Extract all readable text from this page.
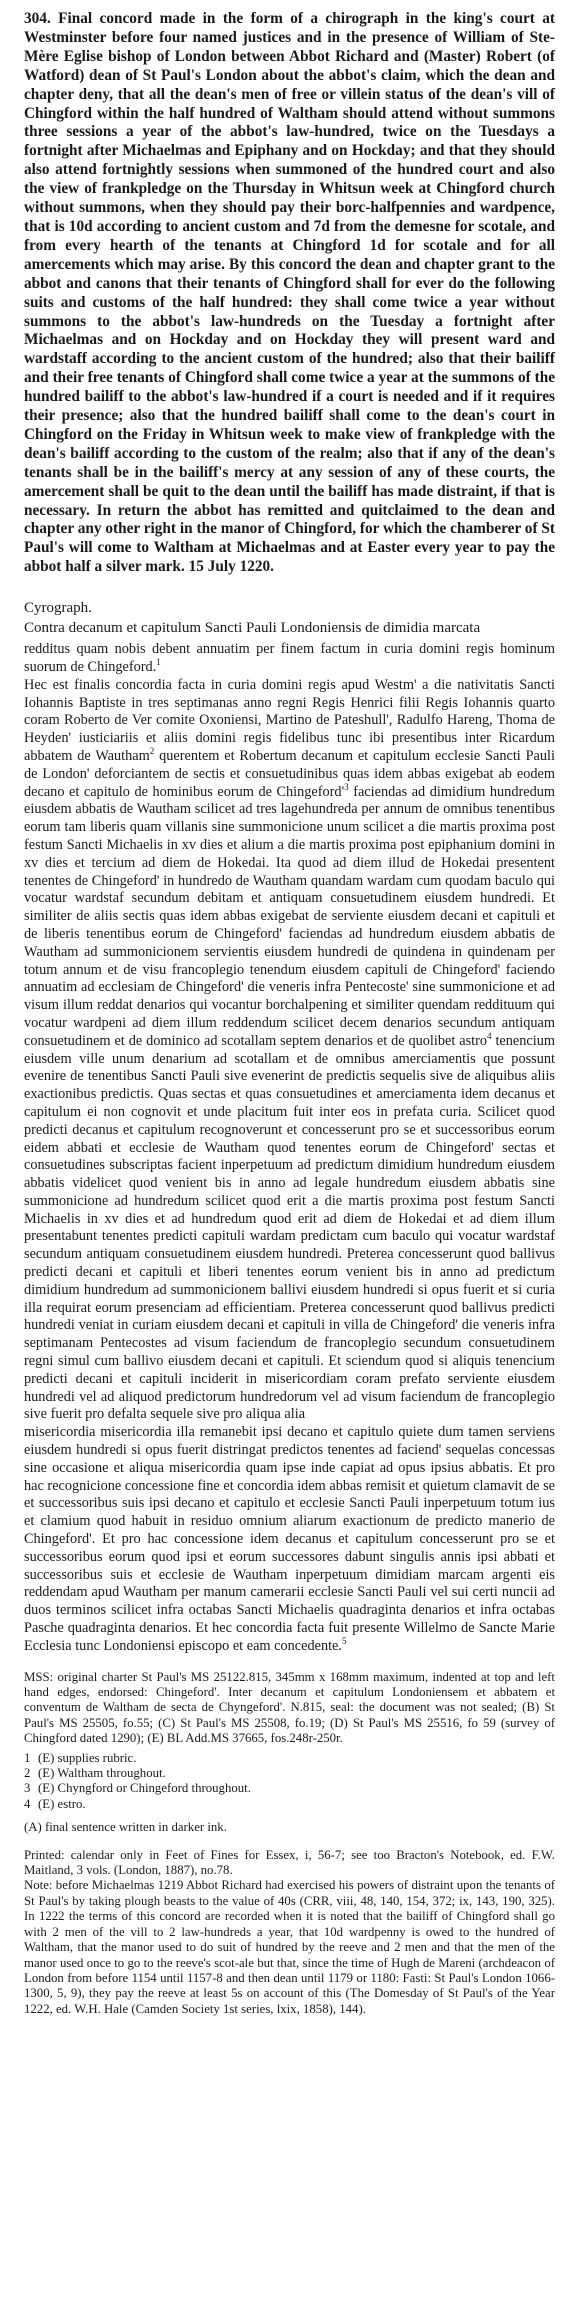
304. Final concord made in the form of a chirograph in the king's court at Westminster before four named justices and in the presence of William of Ste-Mère Eglise bishop of London between Abbot Richard and (Master) Robert (of Watford) dean of St Paul's London about the abbot's claim, which the dean and chapter deny, that all the dean's men of free or villein status of the dean's vill of Chingford within the half hundred of Waltham should attend without summons three sessions a year of the abbot's law-hundred, twice on the Tuesdays a fortnight after Michaelmas and Epiphany and on Hockday; and that they should also attend fortnightly sessions when summoned of the hundred court and also the view of frankpledge on the Thursday in Whitsun week at Chingford church without summons, when they should pay their borc-halfpennies and wardpence, that is 10d according to ancient custom and 7d from the demesne for scotale, and from every hearth of the tenants at Chingford 1d for scotale and for all amercements which may arise. By this concord the dean and chapter grant to the abbot and canons that their tenants of Chingford shall for ever do the following suits and customs of the half hundred: they shall come twice a year without summons to the abbot's law-hundreds on the Tuesday a fortnight after Michaelmas and on Hockday and on Hockday they will present ward and wardstaff according to the ancient custom of the hundred; also that their bailiff and their free tenants of Chingford shall come twice a year at the summons of the hundred bailiff to the abbot's law-hundred if a court is needed and if it requires their presence; also that the hundred bailiff shall come to the dean's court in Chingford on the Friday in Whitsun week to make view of frankpledge with the dean's bailiff according to the custom of the realm; also that if any of the dean's tenants shall be in the bailiff's mercy at any session of any of these courts, the amercement shall be quit to the dean until the bailiff has made distraint, if that is necessary. In return the abbot has remitted and quitclaimed to the dean and chapter any other right in the manor of Chingford, for which the chamberer of St Paul's will come to Waltham at Michaelmas and at Easter every year to pay the abbot half a silver mark. 15 July 1220.

Cyrograph.
Contra decanum et capitulum Sancti Pauli Londoniensis de dimidia marcata

redditus quam nobis debent annuatim per finem factum in curia domini regis hominum suorum de Chingeford.$^1$

Hec est finalis concordia facta in curia domini regis apud Westm' a die nativitatis Sancti Iohannis Baptiste in tres septimanas anno regni Regis Henrici filii Regis Iohannis quarto coram Roberto de Ver comite Oxoniensi, Martino de Pateshull', Radulfo Hareng, Thoma de Heyden' iusticiariis et aliis domini regis fidelibus tunc ibi presentibus inter Ricardum abbatem de Wautham$^2$ querentem et Robertum decanum et capitulum ecclesie Sancti Pauli de London' deforciantem de sectis et consuetudinibus quas idem abbas exigebat ab eodem decano et capitulo de hominibus eorum de $Chingeford'^3$ faciendas ad dimidium hundredum eiusdem abbatis de Wautham scilicet ad tres lagehundreda per annum de omnibus tenentibus eorum tam liberis quam villanis sine summonicione unum scilicet a die martis proxima post festum Sancti Michaelis in xv dies et alium a die martis proxima post epiphanium domini in xv dies et tercium ad diem de Hokedai. Ita quod ad diem illud de Hokedai presentent tenentes de Chingeford' in hundredo de Wautham quandam wardam cum quodam baculo qui vocatur wardstaf secundum debitam et antiquam consuetudinem eiusdem hundredi. Et similiter de aliis sectis quas idem abbas exigebat de serviente eiusdem decani et capituli et de liberis tenentibus eorum de Chingeford' faciendas ad hundredum eiusdem abbatis de Wautham ad summonicionem servientis eiusdem hundredi de quindena in quindenam per totum annum et de visu francoplegio tenendum eiusdem capituli de Chingeford' faciendo annuatim ad ecclesiam de Chingeford' die veneris infra Pentecoste' sine summonicione et ad visum illum reddat denarios qui vocantur borchalpening et similiter quendam reddituum qui vocatur wardpeni ad diem illum reddendum scilicet decem denarios secundum antiquam consuetudinem et de dominico ad scotallam septem denarios et de quolibet astro$^4$ tenencium eiusdem ville unum denarium ad scotallam et de omnibus amerciamentis que possunt evenire de tenentibus Sancti Pauli sive evenerint de predictis sequelis sive de aliquibus aliis exactionibus predictis. Quas sectas et quas consuetudines et amerciamenta idem decanus et capitulum ei non cognovit et unde placitum fuit inter eos in prefata curia. Scilicet quod predicti decanus et capitulum recognoverunt et concesserunt pro se et successoribus eorum eidem abbati et ecclesie de Wautham quod tenentes eorum de Chingeford' sectas et consuetudines subscriptas facient inperpetuum ad predictum dimidium hundredum eiusdem abbatis videlicet quod venient bis in anno ad legale hundredum eiusdem abbatis sine summonicione ad hundredum scilicet quod erit a die martis proxima post festum Sancti Michaelis in xv dies et ad hundredum quod erit ad diem de Hokedai et ad diem illum presentabunt tenentes predicti capituli wardam predictam cum baculo qui vocatur wardstaf secundum antiquam consuetudinem eiusdem hundredi. Preterea concesserunt quod ballivus predicti decani et capituli et liberi tenentes eorum venient bis in anno ad predictum dimidium hundredum ad summonicionem ballivi eiusdem hundredi si opus fuerit et si curia illa requirat eorum presenciam ad efficientiam. Preterea concesserunt quod ballivus predicti hundredi veniat in curiam eiusdem decani et capituli in villa de Chingeford' die veneris infra septimanam Pentecostes ad visum faciendum de francoplegio secundum consuetudinem regni simul cum ballivo eiusdem decani et capituli. Et sciendum quod si aliquis tenencium predicti decani et capituli inciderit in misericordiam coram prefato serviente eiusdem hundredi vel ad aliquod predictorum hundredorum vel ad visum faciendum de francoplegio sive fuerit pro defalta sequele sive pro aliqua alia

misericordia misericordia illa remanebit ipsi decano et capitulo quiete dum tamen serviens eiusdem hundredi si opus fuerit distringat predictos tenentes ad faciend' sequelas concessas sine occasione et aliqua misericordia quam ipse inde capiat ad opus ipsius abbatis. Et pro hac recognicione concessione fine et concordia idem abbas remisit et quietum clamavit de se et successoribus suis ipsi decano et capitulo et ecclesie Sancti Pauli inperpetuum totum ius et clamium quod habuit in residuo omnium aliarum exactionum de predicto manerio de Chingeford'. Et pro hac concessione idem decanus et capitulum concesserunt pro se et successoribus eorum quod ipsi et eorum successores dabunt singulis annis ipsi abbati et successoribus suis et ecclesie de Wautham inperpetuum dimidiam marcam argenti eis reddendam apud Wautham per manum camerarii ecclesie Sancti Pauli vel sui certi nuncii ad duos terminos scilicet infra octabas Sancti Michaelis quadraginta denarios et infra octabas Pasche quadraginta denarios. Et hec concordia facta fuit presente Willelmo de Sancte Marie Ecclesia tunc Londoniensi episcopo et eam concedente.$^5$

MSS: original charter St Paul's MS 25122.815, 345mm x 168mm maximum, indented at top and left hand edges, endorsed: Chingeford'. Inter decanum et capitulum Londoniensem et abbatem et conventum de Waltham de secta de Chyngeford'. N.815, seal: the document was not sealed; (B) St Paul's MS 25505, fo.55; (C) St Paul's MS 25508, fo.19; (D) St Paul's MS 25516, fo 59 (survey of Chingford dated 1290); (E) BL Add.MS 37665, fos.248r-250r.

1 (E) supplies rubric.
2 (E) Waltham throughout.
3 (E) Chyngford or Chingeford throughout.
4 (E) estro.

(A) final sentence written in darker ink.

Printed: calendar only in Feet of Fines for Essex, i, 56-7; see too Bracton's Notebook, ed. F.W. Maitland, 3 vols. (London, 1887), no.78.

Note: before Michaelmas 1219 Abbot Richard had exercised his powers of distraint upon the tenants of St Paul's by taking plough beasts to the value of 40s (CRR, viii, 48, 140, 154, 372; ix, 143, 190, 325). In 1222 the terms of this concord are recorded when it is noted that the bailiff of Chingford shall go with 2 men of the vill to 2 law-hundreds a year, that 10d wardpenny is owed to the hundred of Waltham, that the manor used to do suit of hundred by the reeve and 2 men and that the men of the manor used once to go to the reeve's scot-ale but that, since the time of Hugh de Mareni (archdeacon of London from before 1154 until 1157-8 and then dean until 1179 or 1180: Fasti: St Paul's London 1066-1300, 5, 9), they pay the reeve at least 5s on account of this (The Domesday of St Paul's of the Year 1222, ed. W.H. Hale (Camden Society 1st series, lxix, 1858), 144).
